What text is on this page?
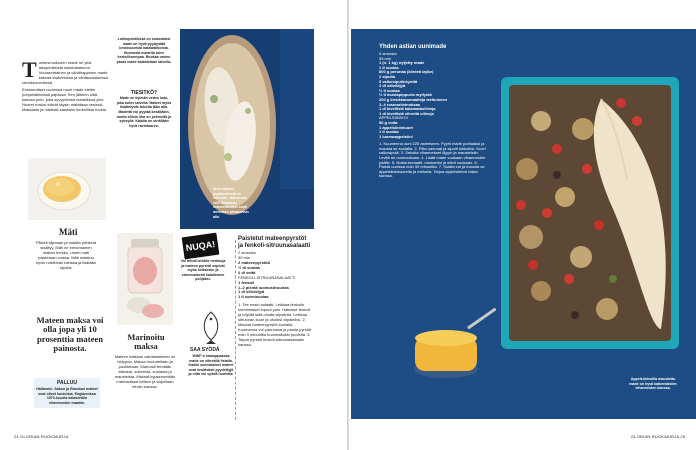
T unkesmuikunen made on yksi aikuperäisistä kalaloistamme. Vuolasvirtainen ja vähähappinen made kasvaa sisävesissä ja vähäsuolaisessa rannikkovedessä.

Ensimmäiset vuotensa nuori made elelee pohjanlähteissä pajuissa. Sen jälkeen siitä kasvaa peto, joka syvyydessä matalikkoa ylös. Nuoret madot elävät täysin matalissa vesissä. Maksasta ja mädistä saadaan herkullisia ruokia.

Lohkopöntöissä on suomalaisi made on hyvä pyydystää keskisuurista kalalaatikoista. Huonosta madella tulee herkullisempaa. Ruokaa varten paras made kalastetaan talvella.
TIESITKÖ?
Made on kylmän veden kala, joka kutee talvella. Mateet myös lisääntyvät talvella jään alla. Madetta voi pyytää kesälläkin, mutta silloin liha on pehmeää ja syksyllä. Kalalla on sinällään hyvä ravintoarvo.
Mäti
Pikkeli kiljutaan ja mädän pähkinä sisältyy. Mäti on erinomainen makea herkku. Usein mäti paistetaan voissa. Mäti maistuu hyvin ruisleivän kanssa ja lisätään sipulia.
Mateen maksa voi olla jopa yli 10 prosenttia mateen painosta.
PALLUU
Hallannin. Sakon ja Ranskan mateet ovat olleet kuuluisia. Englannissa 1970-luvulla kalastettiin viimeisenkin maatiin.
Marinoitu maksa
Mateen maksan valmistaminen on helppoa. Maksa huuhdellaan ja puolitetaan. Marinadi tehdään etikasta, sokerista, suolasta ja mausteista. Maksat kypsennetään marinadissa hetken ja tarjoillaan leivän kanssa.
Idea mateen pyytämisestä on kotoisin. Jälkiruoka siis! Sellaisen maistettavaksi sopii mieluiten pihakoivun alle.
NUQA!
Voi tehdä leivälle herkkuja ja mateen pyrstöt sopivat myös keitoksiin ja erinomaisesti kalaliemen pohjaksi.
SAA SYÖDÄ
WWF:n kalaoppaassa made on vihreällä listalla. Kaikki suomalaiset mateet ovat kestävästi pyydettyjä ja niitä voi syödä huoletta.
Paistetut mateenpyrstöt ja fenkoli-sitruunasalaatti
2 annosta
30 min
2 mateenpyrstöä
½ dl suolaa
2 dl vettä
FENKOLI-SITRUUNASALAATTI
1 fenkoli
1–2 pientä luomusitruunaa
1 dl oliiviöljyä
1 tl sormisuolaa
1. Tee ensin salaatti. Leikkaa fenkolin sormimaiset lopuut pois. Halkaise fenkoli ja höylää siitä ohuita viipaleita. Leikkaa sitruunan kuori ja ohuiksi viipaleiksi. 2. Mausta mateenpyrstöt suolalla. Kuumenna voi pannussa ja paista pyrstöt noin 3 minuuttia kummaltakin puolelta. 3. Tarjoa pyrstöt fenkoli-sitruunasalaatin kanssa.
24 GLORIAN RUOKAKIRJA
Yhden astian uunimade
4 annosta
55 min
1 (n. 1 kg) nyljetty made
1 tl suolaa
800 g perunaa (kiinteä lajike)
2 sipulia
3 valkosipulinkynttä
2 dl oliiviöljyä
½ tl suolaa
½ tl mustapippuria myllystä
200 g kirsikkatomaatteja terttuineen
2–4 rosmariininoksaa
1 dl kivellisiä kalamataoliiveja
1 dl kivellisiä vihreitä oliiveja
APPELSIINIVOI
50 g voita
1 appelsiininkuori
1 tl suolaa
1 luomuappelsiini
1. Kuumenna uuni 225 asteeseen. Pyyhi made puhtaaksi ja mausta se suolalla. 2. Pilko perunat ja sipulit lohkoiksi. Kuori valkosipulit. 3. Sekoita vihannekset öljyyn ja mausteisiin. Levitä ne uunivuokaan. 4. Lisää made vuokaan vihannesten päälle. 5. Nosta tomaatit, rosmariini ja oliivit vuokaan. 6. Paista uunissa noin 30 minuuttia. 7. Sulata voi ja mausta se appelsiininkuorella ja mehulla. Tarjoa appelsiinivoi kalan kanssa.
Appelsiinivoilla maustettu made on hyvä kaikenlaisten vihannesten kanssa.
GLORIAN RUOKAKIRJA 25
